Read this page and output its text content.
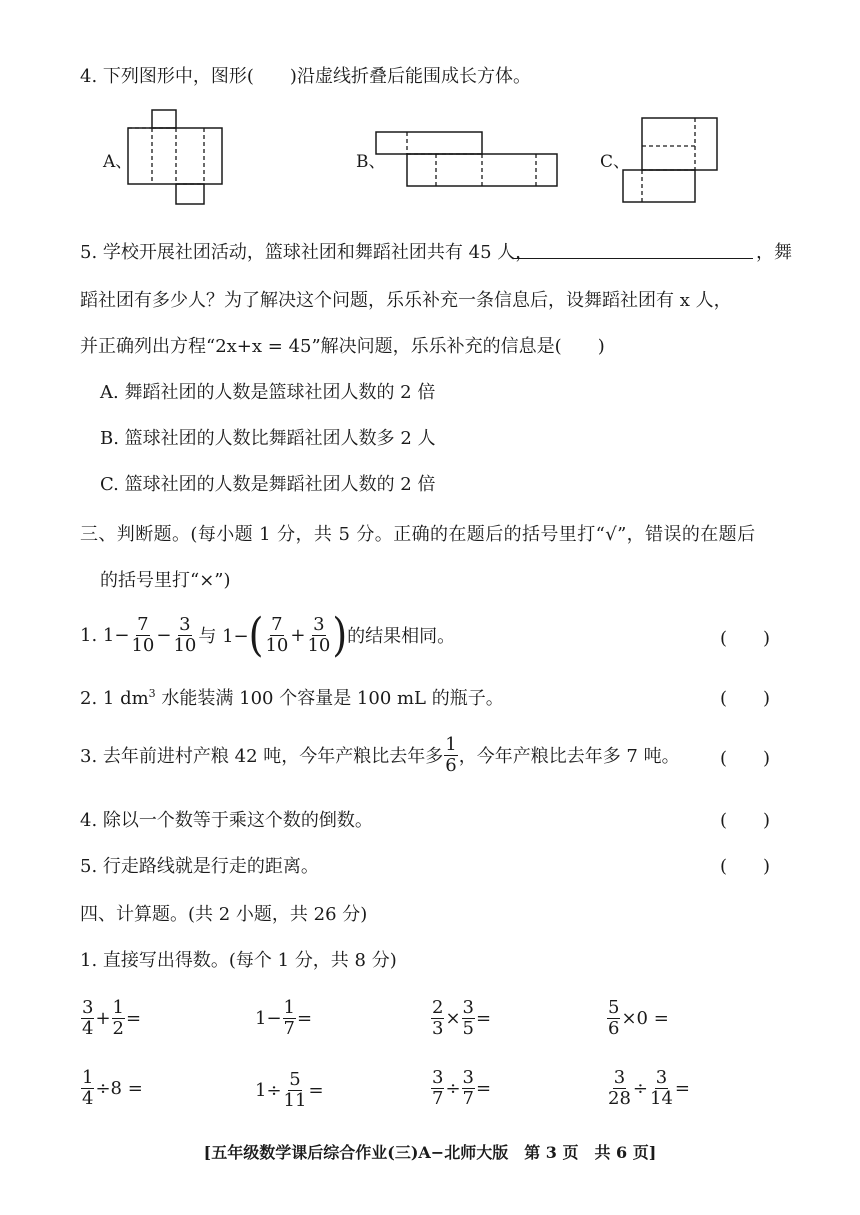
4. 下列图形中，图形(　　)沿虚线折叠后能围成长方体。
A、	B、	C、
5. 学校开展社团活动，篮球社团和舞蹈社团共有 45 人，	，舞
蹈社团有多少人？为了解决这个问题，乐乐补充一条信息后，设舞蹈社团有 x 人，
并正确列出方程“2x+x = 45”解决问题，乐乐补充的信息是(　　)
A. 舞蹈社团的人数是篮球社团人数的 2 倍
B. 篮球社团的人数比舞蹈社团人数多 2 人
C. 篮球社团的人数是舞蹈社团人数的 2 倍
三、判断题。(每小题 1 分，共 5 分。正确的在题后的括号里打“√”，错误的在题后
的括号里打“×”)
1. $1- \frac{7}{10} - \frac{3}{10}$ 与 1− ( $\frac{7}{10} + \frac{3}{10}$ ) 的结果相同。	(　　)
2. 1 $dm^3$ 水能装满 100 个容量是 100 mL 的瓶子。	(　　)
3. 去年前进村产粮 42 吨，今年产粮比去年多 $\frac{1}{6}$ ，今年产粮比去年多 7 吨。 (　　)
4. 除以一个数等于乘这个数的倒数。	(　　)
5. 行走路线就是行走的距离。	(　　)
四、计算题。(共 2 小题，共 26 分)
1. 直接写出得数。(每个 1 分，共 8 分)
$\frac{3}{4} + \frac{1}{2}$ =	$1- \frac{1}{7}$ =	$\frac{2}{3} \times \frac{3}{5}$ =	$\frac{5}{6} \times 0$ =
$\frac{1}{4} \div 8$ =	$1\div \frac{5}{11}$ =	$\frac{3}{7} \div \frac{3}{7}$ =	$\frac{3}{28} \div \frac{3}{14}$ =
[五年级数学课后综合作业(三)A−北师大版　第 3 页　共 6 页]
